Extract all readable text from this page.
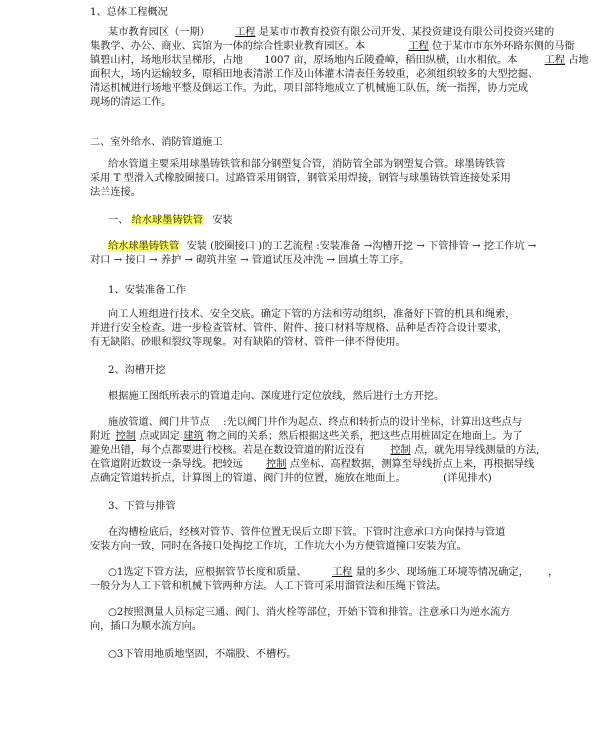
1、总体工程概况
某市教育园区（一期） 工程 是某市市教育投资有限公司开发、某投资建设有限公司投资兴建的
集教学、办公、商业、宾馆为一体的综合性职业教育园区。本	工程 位于某市市东外环路东侧的马衙
镇碧山村，场地形状呈梯形，占地 1007 亩，原场地内丘陵叠嶂，稻田纵横，山水相依。本	工程 占地
面积大，场内运输较多，原稻田地表清淤工作及山体灌木清表任务较重，必须组织较多的大型挖掘、
清运机械进行场地平整及倒运工作。为此，项目部特地成立了机械施工队伍，统一指挥，协力完成
现场的清运工作。
二、室外给水、消防管道施工
给水管道主要采用球墨铸铁管和部分钢塑复合管，消防管全部为钢塑复合管。球墨铸铁管
采用 T 型滑入式橡胶圈接口。过路管采用钢管，钢管采用焊接，钢管与球墨铸铁管连接处采用
法兰连接。
一、 给水球墨铸铁管 安装
给水球墨铸铁管 安装 (胶圈接口 )的工艺流程 :安装准备 →沟槽开挖 → 下管排管 → 挖工作坑 →
对口 → 接口 → 养护 → 砌筑井室 → 管道试压及冲洗 → 回填土等工序。
1、安装准备工作
向工人班组进行技术、安全交底。确定下管的方法和劳动组织，准备好下管的机具和绳索，
并进行安全检查。进一步检查管材、管件、附件、接口材料等规格、品种是否符合设计要求，
有无缺陷、砂眼和裂纹等现象。对有缺陷的管材、管件一律不得使用。
2、沟槽开挖
根据施工图纸所表示的管道走向、深度进行定位放线，然后进行土方开挖。
施放管道、阀门井节点 :先以阀门井作为起点、终点和转折点的设计坐标，计算出这些点与
附近 控制 点或固定 建筑 物之间的关系；然后根据这些关系，把这些点用桩固定在地面上。为了
避免出错，每个点都要进行校核。若是在数设管道的附近没有 控制 点，就先用导线测量的方法,
在管道附近数设一条导线。把较远 控制 点坐标、高程数据，测算至导线折点上来，再根据导线
点确定管道转折点，计算图上的管道、阀门井的位置，施放在地面上。	(详见排水)
3、下管与排管
在沟槽检底后，经核对管节、管件位置无误后立即下管。下管时注意承口方向保持与管道
安装方向一致，同时在各接口处掏挖工作坑，工作坑大小为方便管道撞口安装为宜。
○1选定下管方法，应根据管节长度和质量、 工程 量的多少、现场施工环境等情况确定， ，
一般分为人工下管和机械下管两种方法。人工下管可采用溜管法和压绳下管法。
○2按照测量人员标定三通、阀门、消火栓等部位，开始下管和排管。注意承口为逆水流方
向，插口为顺水流方向。
○3下管用地质地坚固，不端股、不槽朽。
